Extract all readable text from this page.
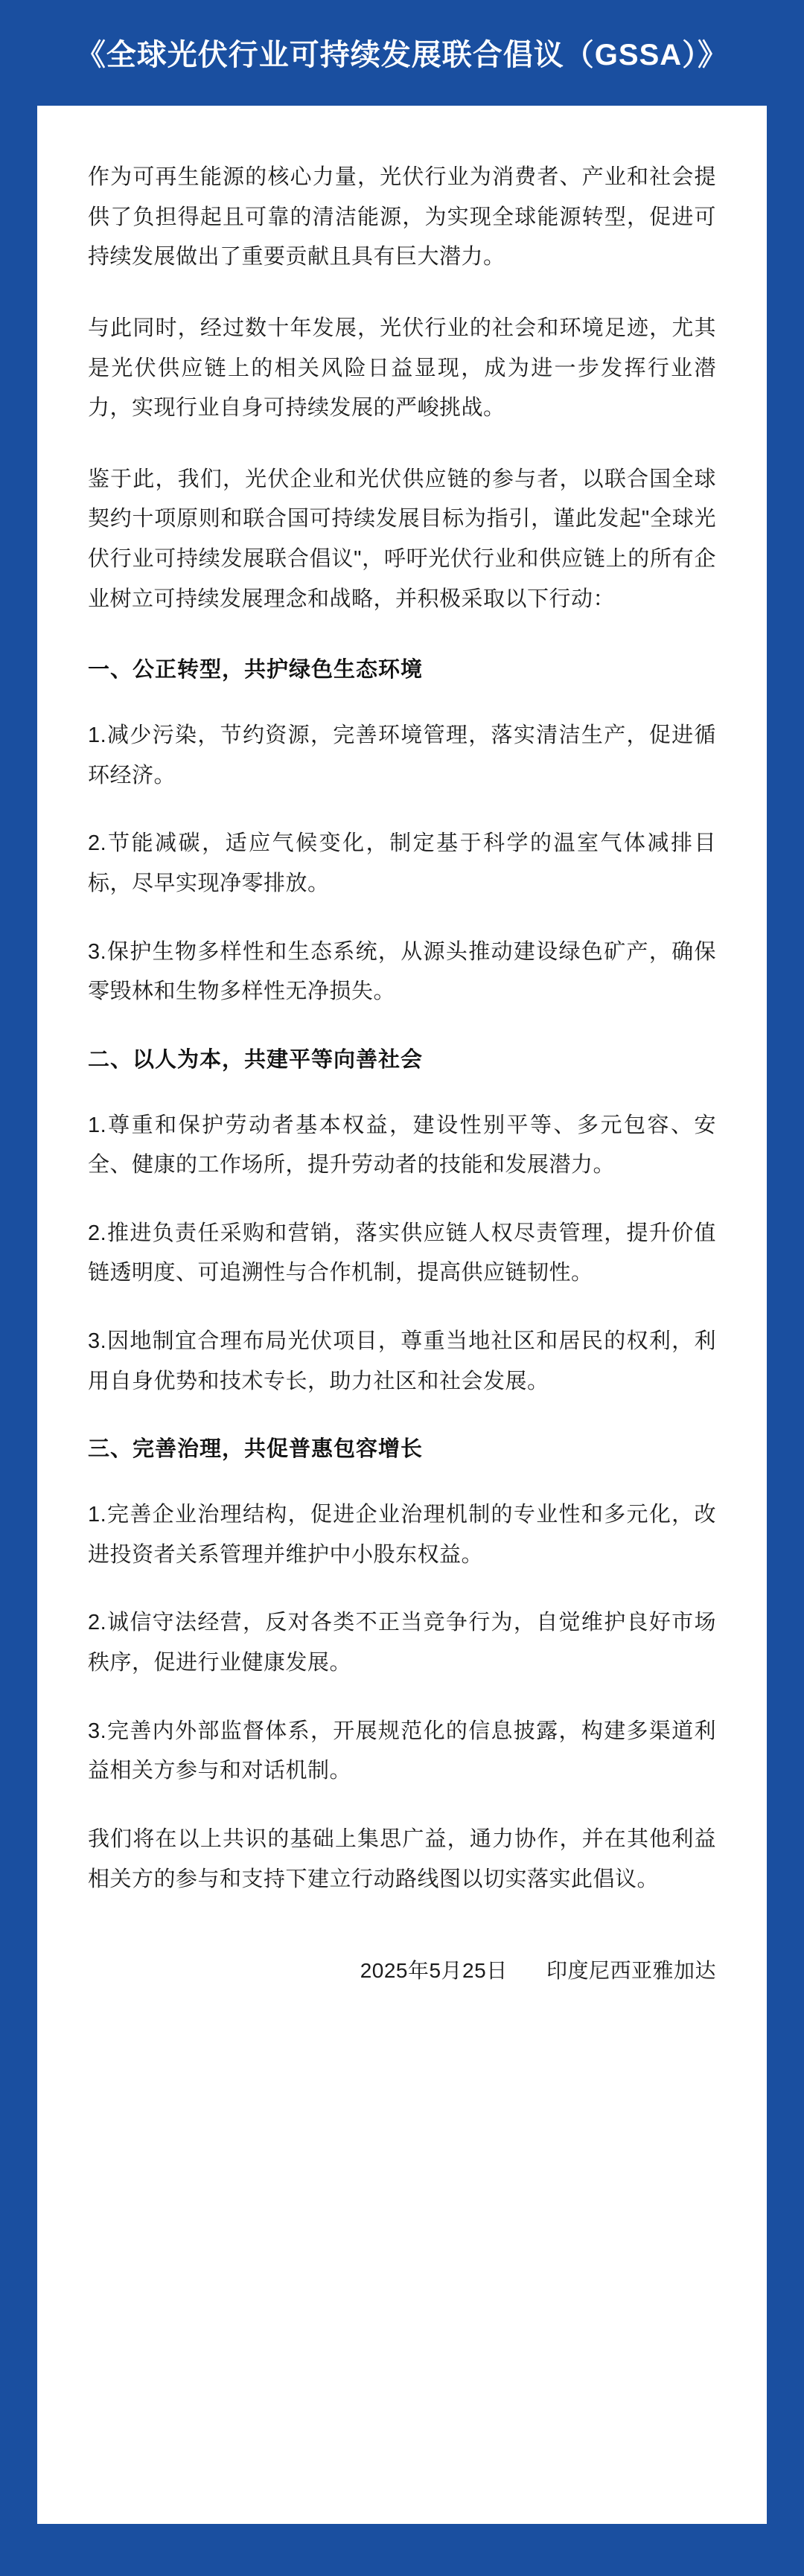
《全球光伏行业可持续发展联合倡议（GSSA）》

作为可再生能源的核心力量，光伏行业为消费者、产业和社会提供了负担得起且可靠的清洁能源，为实现全球能源转型，促进可持续发展做出了重要贡献且具有巨大潜力。

与此同时，经过数十年发展，光伏行业的社会和环境足迹，尤其是光伏供应链上的相关风险日益显现，成为进一步发挥行业潜力，实现行业自身可持续发展的严峻挑战。

鉴于此，我们，光伏企业和光伏供应链的参与者，以联合国全球契约十项原则和联合国可持续发展目标为指引，谨此发起"全球光伏行业可持续发展联合倡议"，呼吁光伏行业和供应链上的所有企业树立可持续发展理念和战略，并积极采取以下行动：

一、公正转型，共护绿色生态环境

1.减少污染，节约资源，完善环境管理，落实清洁生产，促进循环经济。

2.节能减碳，适应气候变化，制定基于科学的温室气体减排目标，尽早实现净零排放。

3.保护生物多样性和生态系统，从源头推动建设绿色矿产，确保零毁林和生物多样性无净损失。

二、以人为本，共建平等向善社会

1.尊重和保护劳动者基本权益，建设性别平等、多元包容、安全、健康的工作场所，提升劳动者的技能和发展潜力。

2.推进负责任采购和营销，落实供应链人权尽责管理，提升价值链透明度、可追溯性与合作机制，提高供应链韧性。

3.因地制宜合理布局光伏项目，尊重当地社区和居民的权利，利用自身优势和技术专长，助力社区和社会发展。

三、完善治理，共促普惠包容增长

1.完善企业治理结构，促进企业治理机制的专业性和多元化，改进投资者关系管理并维护中小股东权益。

2.诚信守法经营，反对各类不正当竞争行为，自觉维护良好市场秩序，促进行业健康发展。

3.完善内外部监督体系，开展规范化的信息披露，构建多渠道利益相关方参与和对话机制。

我们将在以上共识的基础上集思广益，通力协作，并在其他利益相关方的参与和支持下建立行动路线图以切实落实此倡议。

2025年5月25日 印度尼西亚雅加达
